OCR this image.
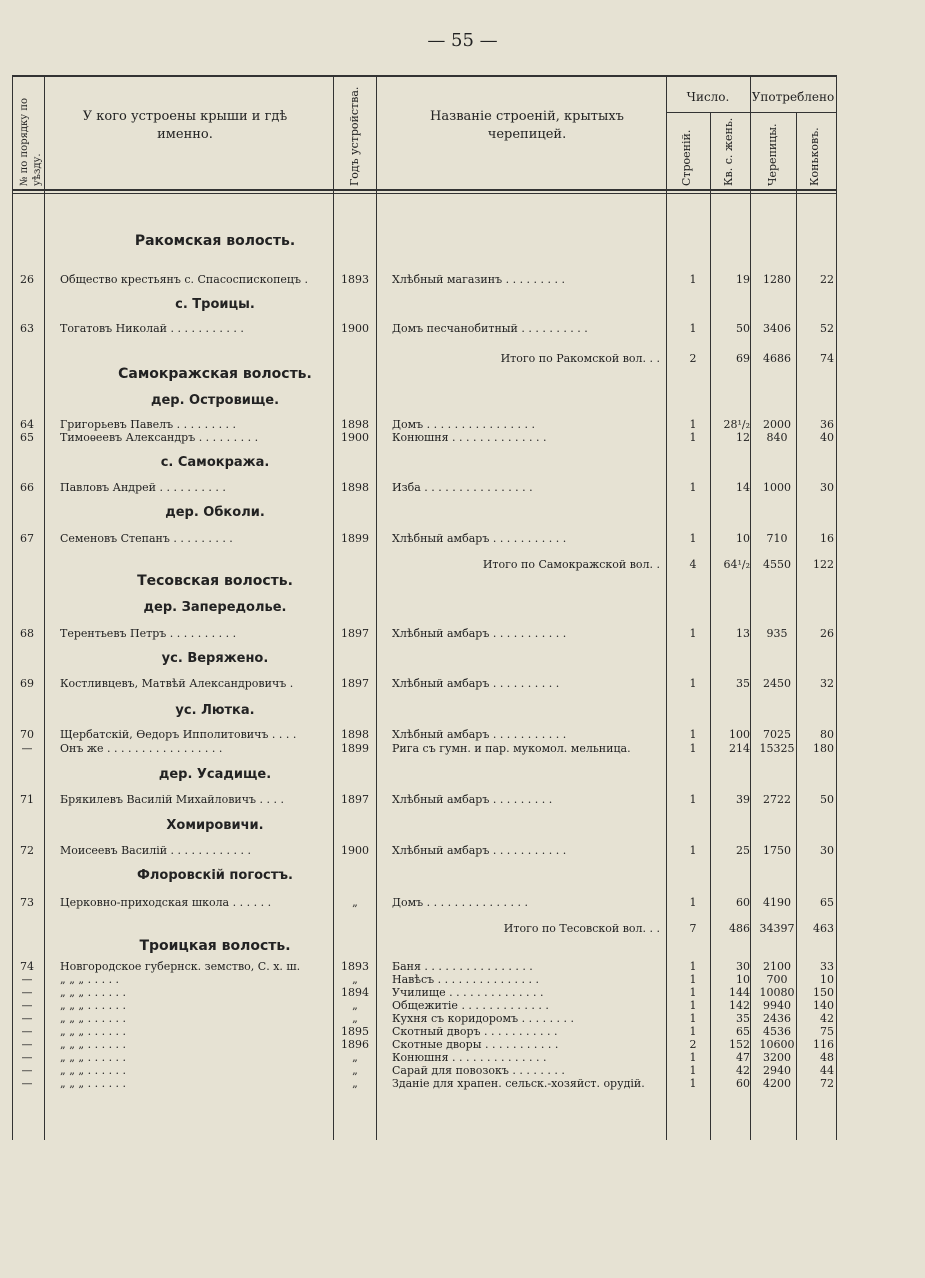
— 55 —
№ по порядку по уѣзду.
У кого устроены крыши и гдѣ именно.	Годъ устройства.	Названіе строеній, крытыхъ черепицей.
Число.	Употреблено
Строеній.	Кв. с. жень.	Черепицы.	Коньковъ.
Ракомская волость.
26	Общество крестьянъ с. Спасоспископецъ .	1893	Хлѣбный магазинъ . . . . . . . . .	1	19	1280	22
с. Троицы.
63	Тогатовъ Николай . . . . . . . . . . .	1900	Домъ песчанобитный . . . . . . . . . .	1	50	3406	52
Итого по Ракомской вол. . .	2	69	4686	74
Самокражская волость.
дер. Островище.
64	Григорьевъ Павелъ . . . . . . . . .	1898	Домъ . . . . . . . . . . . . . . . .	1	28¹/₂	2000	36
65	Тимоѳеевъ Александръ . . . . . . . . .	1900	Конюшня . . . . . . . . . . . . . .	1	12	840	40
с. Самокража.
66	Павловъ Андрей . . . . . . . . . .	1898	Изба . . . . . . . . . . . . . . . .	1	14	1000	30
дер. Обколи.
67	Семеновъ Степанъ . . . . . . . . .	1899	Хлѣбный амбаръ . . . . . . . . . . .	1	10	710	16
Итого по Самокражской вол. .	4	64¹/₂	4550	122
Тесовская волость.
дер. Запередолье.
68	Терентьевъ Петръ . . . . . . . . . .	1897	Хлѣбный амбаръ . . . . . . . . . . .	1	13	935	26
ус. Веряжено.
69	Костливцевъ, Матвѣй Александровичъ .	1897	Хлѣбный амбаръ . . . . . . . . . .	1	35	2450	32
ус. Лютка.
70	Щербатскій, Ѳедоръ Ипполитовичъ . . . .	1898	Хлѣбный амбаръ . . . . . . . . . . .	1	100	7025	80
—	Онъ же . . . . . . . . . . . . . . . . .	1899	Рига съ гумн. и пар. мукомол. мельница.	1	214 15325	180
дер. Усадище.
71	Брякилевъ Василій Михайловичъ . . . .	1897	Хлѣбный амбаръ . . . . . . . . .	1	39	2722	50
Хомировичи.
72	Моисеевъ Василій . . . . . . . . . . . .	1900	Хлѣбный амбаръ . . . . . . . . . . .	1	25	1750	30
Флоровскій погостъ.
73	Церковно-приходская школа . . . . . .	„	Домъ . . . . . . . . . . . . . . .	1	60	4190	65
Итого по Тесовской вол. . .	7	486 34397	463
Троицкая волость.
74	Новгородское губернск. земство, С. х. ш.	1893	Баня . . . . . . . . . . . . . . . .	1	30	2100	33
—	„ „ „ . . . . .	„	Навѣсъ . . . . . . . . . . . . . . .	1	10	700	10
—	„ „ „ . . . . . .	1894	Училище . . . . . . . . . . . . . .	1	144 10080	150
—	„ „ „ . . . . . .	„	Общежитіе . . . . . . . . . . . . .	1	142	9940	140
—	„ „ „ . . . . . .	„	Кухня съ коридоромъ . . . . . . . .	1	35	2436	42
—	„ „ „ . . . . . .	1895	Скотный дворъ . . . . . . . . . . .	1	65	4536	75
—	„ „ „ . . . . . .	1896	Скотные дворы . . . . . . . . . . .	2	152 10600	116
—	„ „ „ . . . . . .	„	Конюшня . . . . . . . . . . . . . .	1	47	3200	48
—	„ „ „ . . . . . .	„	Сарай для повозокъ . . . . . . . .	1	42	2940	44
—	„ „ „ . . . . . .	„	Зданіе для храпен. сельск.-хозяйст. орудій.	1	60	4200	72
